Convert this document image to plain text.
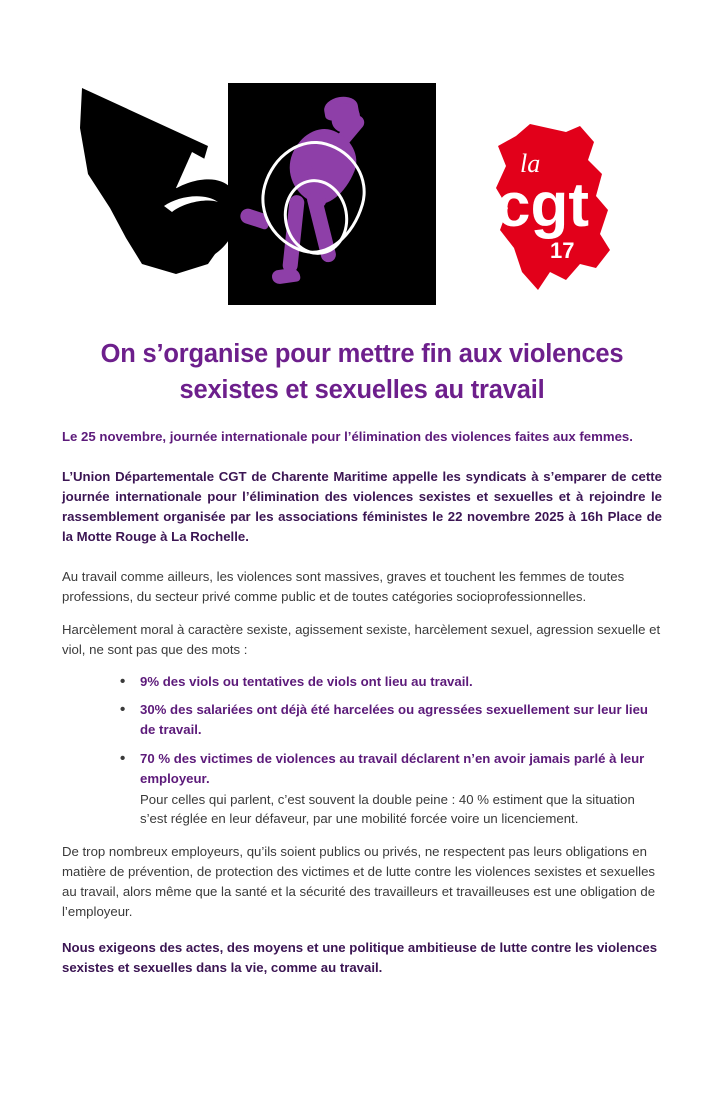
la
cgt
17
On s’organise pour mettre fin aux violences sexistes et sexuelles au travail

Le 25 novembre, journée internationale pour l’élimination des violences faites aux femmes.

L’Union Départementale CGT de Charente Maritime appelle les syndicats à s’emparer de cette journée internationale pour l’élimination des violences sexistes et sexuelles et à rejoindre le rassemblement organisée par les associations féministes le 22 novembre 2025 à 16h Place de la Motte Rouge à La Rochelle.

Au travail comme ailleurs, les violences sont massives, graves et touchent les femmes de toutes professions, du secteur privé comme public et de toutes catégories socioprofessionnelles.

Harcèlement moral à caractère sexiste, agissement sexiste, harcèlement sexuel, agression sexuelle et viol, ne sont pas que des mots :

• 9% des viols ou tentatives de viols ont lieu au travail.
• 30% des salariées ont déjà été harcelées ou agressées sexuellement sur leur lieu de travail.
• 70 % des victimes de violences au travail déclarent n’en avoir jamais parlé à leur employeur.
Pour celles qui parlent, c’est souvent la double peine : 40 % estiment que la situation s’est réglée en leur défaveur, par une mobilité forcée voire un licenciement.

De trop nombreux employeurs, qu’ils soient publics ou privés, ne respectent pas leurs obligations en matière de prévention, de protection des victimes et de lutte contre les violences sexistes et sexuelles au travail, alors même que la santé et la sécurité des travailleurs et travailleuses est une obligation de l’employeur.

Nous exigeons des actes, des moyens et une politique ambitieuse de lutte contre les violences sexistes et sexuelles dans la vie, comme au travail.
